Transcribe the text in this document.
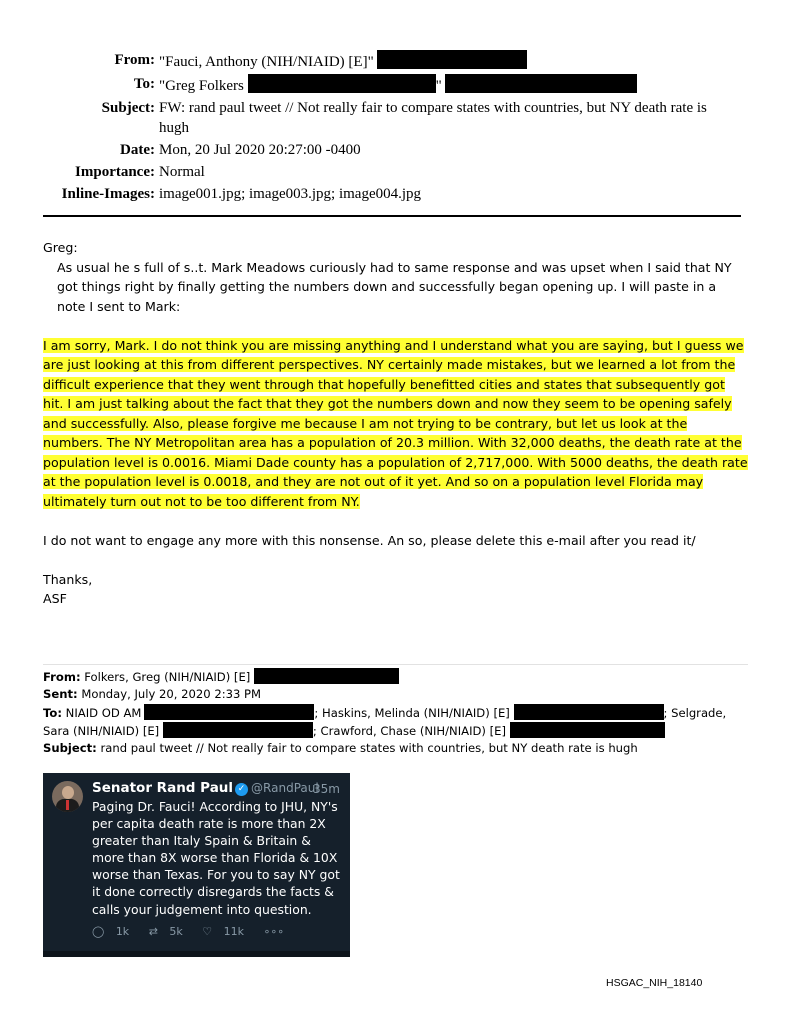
From: "Fauci, Anthony (NIH/NIAID) [E]"
To: "Greg Folkers	"
Subject: FW: rand paul tweet // Not really fair to compare states with countries, but NY death rate is hugh
Date: Mon, 20 Jul 2020 20:27:00 -0400
Importance: Normal
Inline-Images: image001.jpg; image003.jpg; image004.jpg

Greg:

As usual he s full of s..t. Mark Meadows curiously had to same response and was upset when I said that NY got things right by finally getting the numbers down and successfully began opening up. I will paste in a note I sent to Mark:

I am sorry, Mark. I do not think you are missing anything and I understand what you are saying, but I guess we are just looking at this from different perspectives. NY certainly made mistakes, but we learned a lot from the difficult experience that they went through that hopefully benefitted cities and states that subsequently got hit. I am just talking about the fact that they got the numbers down and now they seem to be opening safely and successfully. Also, please forgive me because I am not trying to be contrary, but let us look at the numbers. The NY Metropolitan area has a population of 20.3 million. With 32,000 deaths, the death rate at the population level is 0.0016. Miami Dade county has a population of 2,717,000. With 5000 deaths, the death rate at the population level is 0.0018, and they are not out of it yet. And so on a population level Florida may ultimately turn out not to be too different from NY.

I do not want to engage any more with this nonsense. An so, please delete this e-mail after you read it/

Thanks,

ASF

From: Folkers, Greg (NIH/NIAID) [E]
Sent: Monday, July 20, 2020 2:33 PM
To: NIAID OD AM	; Haskins, Melinda (NIH/NIAID) [E]	; Selgrade, Sara (NIH/NIAID) [E]	; Crawford, Chase (NIH/NIAID) [E]
Subject: rand paul tweet // Not really fair to compare states with countries, but NY death rate is hugh
Senator Rand Paul ✓ @RandPaul
35m
Paging Dr. Fauci! According to JHU, NY's per capita death rate is more than 2X greater than Italy Spain & Britain & more than 8X worse than Florida & 10X worse than Texas. For you to say NY got it done correctly disregards the facts & calls your judgement into question.
◯ 1k ⇄ 5k ♡ 11k ∘∘∘
HSGAC_NIH_18140
